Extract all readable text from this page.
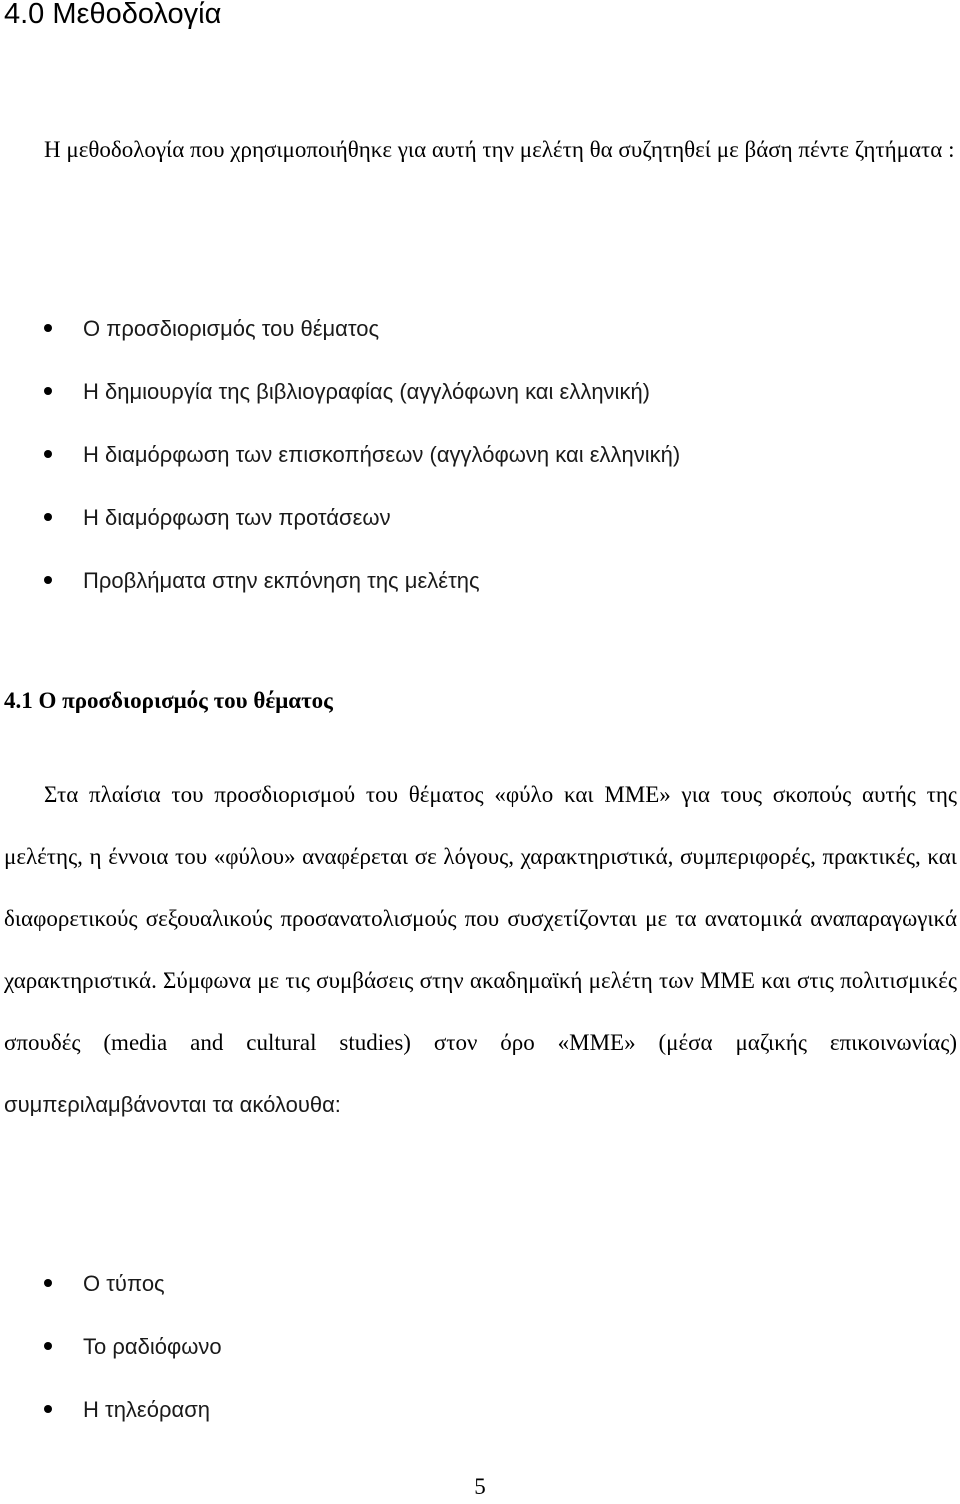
4.0 Μεθοδολογία

Η μεθοδολογία που χρησιμοποιήθηκε για αυτή την μελέτη θα συζητηθεί με βάση πέντε ζητήματα :

Ο προσδιορισμός του θέματος
Η δημιουργία της βιβλιογραφίας (αγγλόφωνη και ελληνική)
Η διαμόρφωση των επισκοπήσεων (αγγλόφωνη και ελληνική)
Η διαμόρφωση των προτάσεων
Προβλήματα στην εκπόνηση της μελέτης
4.1 Ο προσδιορισμός του θέματος

Στα πλαίσια του προσδιορισμού του θέματος «φύλο και ΜΜΕ» για τους σκοπούς αυτής της μελέτης, η έννοια του «φύλου» αναφέρεται σε λόγους, χαρακτηριστικά, συμπεριφορές, πρακτικές, και διαφορετικούς σεξουαλικούς προσανατολισμούς που συσχετίζονται με τα ανατομικά αναπαραγωγικά χαρακτηριστικά. Σύμφωνα με τις συμβάσεις στην ακαδημαϊκή μελέτη των ΜΜΕ και στις πολιτισμικές σπουδές (media and cultural studies) στον όρο «ΜΜΕ» (μέσα μαζικής επικοινωνίας) συμπεριλαμβάνονται τα ακόλουθα:

Ο τύπος
Το ραδιόφωνο
Η τηλεόραση
5
